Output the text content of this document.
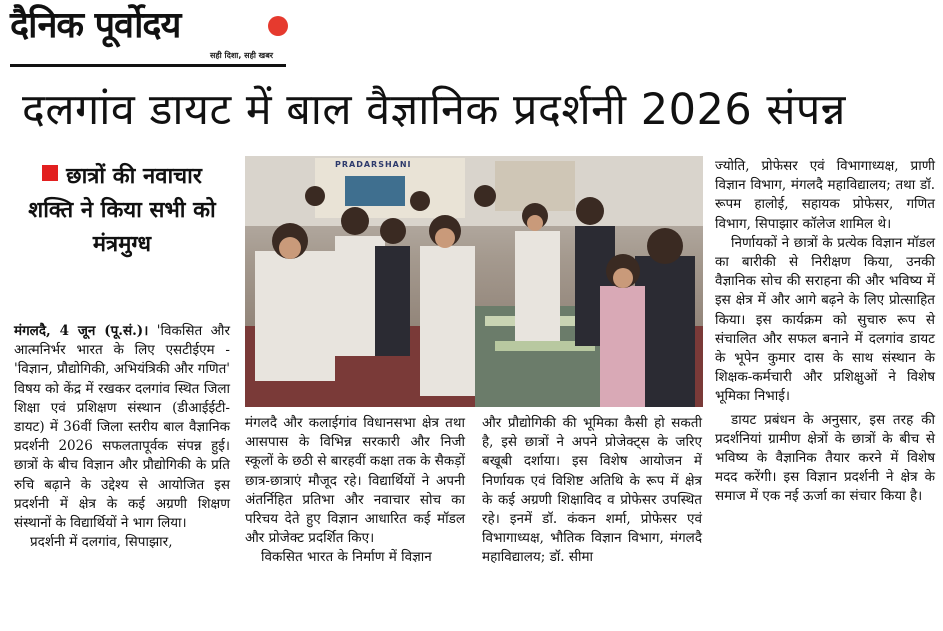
दैनिक पूर्वोदय
सही दिशा, सही खबर
दलगांव डायट में बाल वैज्ञानिक प्रदर्शनी 2026 संपन्न
छात्रों की नवाचार शक्ति ने किया सभी को मंत्रमुग्ध

मंगलदै, 4 जून (पू.सं.)। 'विकसित और आत्मनिर्भर भारत के लिए एसटीईएम - 'विज्ञान, प्रौद्योगिकी, अभियंत्रिकी और गणित' विषय को केंद्र में रखकर दलगांव स्थित जिला शिक्षा एवं प्रशिक्षण संस्थान (डीआईईटी-डायट) में 36वीं जिला स्तरीय बाल वैज्ञानिक प्रदर्शनी 2026 सफलतापूर्वक संपन्न हुई। छात्रों के बीच विज्ञान और प्रौद्योगिकी के प्रति रुचि बढ़ाने के उद्देश्य से आयोजित इस प्रदर्शनी में क्षेत्र के कई अग्रणी शिक्षण संस्थानों के विद्यार्थियों ने भाग लिया।

प्रदर्शनी में दलगांव, सिपाझार,

PRADARSHANI

मंगलदै और कलाईगांव विधानसभा क्षेत्र तथा आसपास के विभिन्न सरकारी और निजी स्कूलों के छठी से बारहवीं कक्षा तक के सैकड़ों छात्र-छात्राएं मौजूद रहे। विद्यार्थियों ने अपनी अंतर्निहित प्रतिभा और नवाचार सोच का परिचय देते हुए विज्ञान आधारित कई मॉडल और प्रोजेक्ट प्रदर्शित किए।

विकसित भारत के निर्माण में विज्ञान

और प्रौद्योगिकी की भूमिका कैसी हो सकती है, इसे छात्रों ने अपने प्रोजेक्ट्स के जरिए बखूबी दर्शाया। इस विशेष आयोजन में निर्णायक एवं विशिष्ट अतिथि के रूप में क्षेत्र के कई अग्रणी शिक्षाविद व प्रोफेसर उपस्थित रहे। इनमें डॉ. कंकन शर्मा, प्रोफेसर एवं विभागाध्यक्ष, भौतिक विज्ञान विभाग, मंगलदै महाविद्यालय; डॉ. सीमा

ज्योति, प्रोफेसर एवं विभागाध्यक्ष, प्राणी विज्ञान विभाग, मंगलदै महाविद्यालय; तथा डॉ. रूपम हालोई, सहायक प्रोफेसर, गणित विभाग, सिपाझार कॉलेज शामिल थे।

निर्णायकों ने छात्रों के प्रत्येक विज्ञान मॉडल का बारीकी से निरीक्षण किया, उनकी वैज्ञानिक सोच की सराहना की और भविष्य में इस क्षेत्र में और आगे बढ़ने के लिए प्रोत्साहित किया। इस कार्यक्रम को सुचारु रूप से संचालित और सफल बनाने में दलगांव डायट के भूपेन कुमार दास के साथ संस्थान के शिक्षक-कर्मचारी और प्रशिक्षुओं ने विशेष भूमिका निभाई।

डायट प्रबंधन के अनुसार, इस तरह की प्रदर्शनियां ग्रामीण क्षेत्रों के छात्रों के बीच से भविष्य के वैज्ञानिक तैयार करने में विशेष मदद करेंगी। इस विज्ञान प्रदर्शनी ने क्षेत्र के समाज में एक नई ऊर्जा का संचार किया है।
